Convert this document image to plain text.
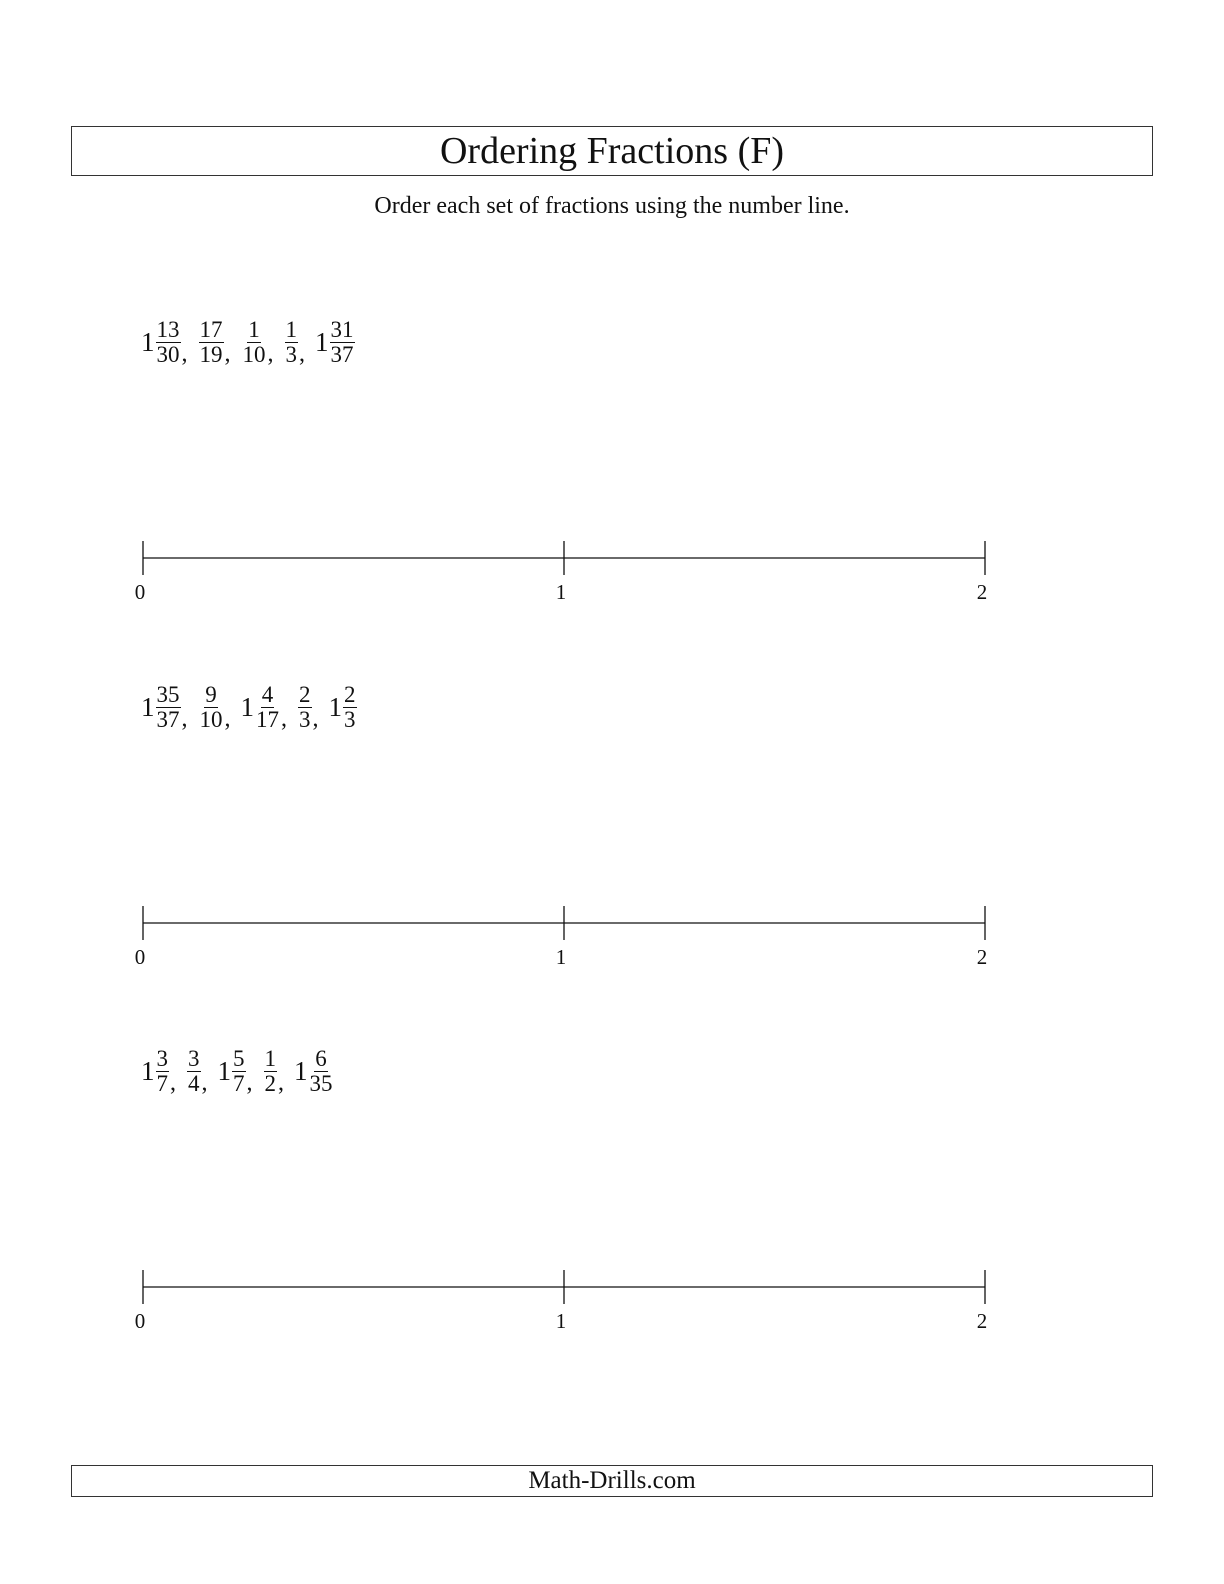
Ordering Fractions (F)
Order each set of fractions using the number line.
$1 \frac{13}{30}$ , $\frac{17}{19}$ , $\frac{1}{10}$ , $\frac{1}{3}$ , $1 \frac{31}{37}$
0	1	2
$1 \frac{35}{37}$ , $\frac{9}{10}$ , $1 \frac{4}{17}$ , $\frac{2}{3}$ , $1 \frac{2}{3}$
0	1	2
$1 \frac{3}{7}$ , $\frac{3}{4}$ , $1 \frac{5}{7}$ , $\frac{1}{2}$ , $1 \frac{6}{35}$
0	1	2
Math-Drills.com
